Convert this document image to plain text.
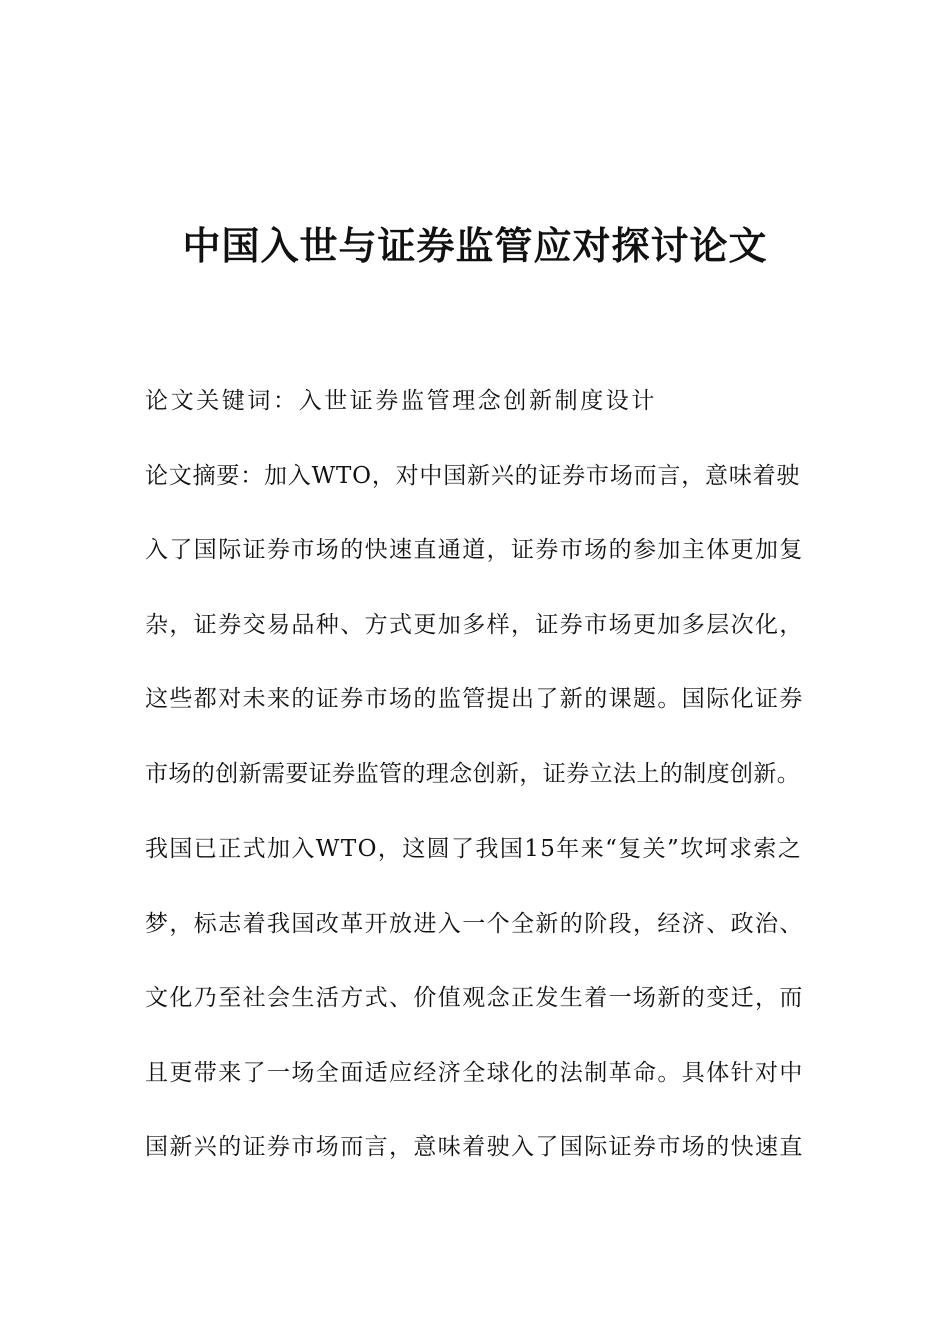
中国入世与证券监管应对探讨论文

论文关键词：入世证券监管理念创新制度设计

论文摘要：加入WTO，对中国新兴的证券市场而言，意味着驶

入了国际证券市场的快速直通道，证券市场的参加主体更加复

杂，证券交易品种、方式更加多样，证券市场更加多层次化，

这些都对未来的证券市场的监管提出了新的课题。国际化证券

市场的创新需要证券监管的理念创新，证券立法上的制度创新。

我国已正式加入WTO，这圆了我国15年来“复关”坎坷求索之

梦，标志着我国改革开放进入一个全新的阶段，经济、政治、

文化乃至社会生活方式、价值观念正发生着一场新的变迁，而

且更带来了一场全面适应经济全球化的法制革命。具体针对中

国新兴的证券市场而言，意味着驶入了国际证券市场的快速直
